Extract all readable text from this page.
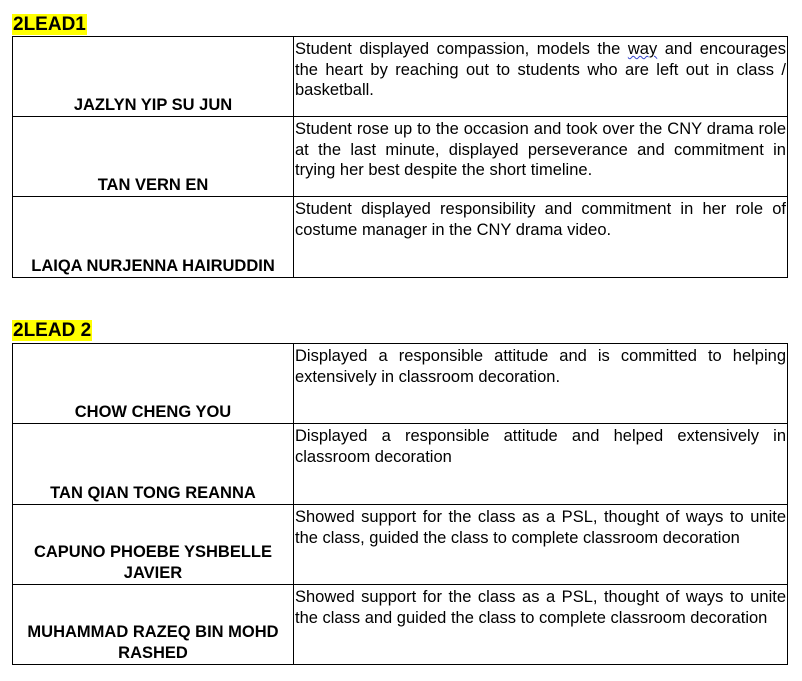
2LEAD1
JAZLYN YIP SU JUN	Student displayed compassion, models the way and encourages the heart by reaching out to students who are left out in class / basketball.
TAN VERN EN	Student rose up to the occasion and took over the CNY drama role at the last minute, displayed perseverance and commitment in trying her best despite the short timeline.
LAIQA NURJENNA HAIRUDDIN	Student displayed responsibility and commitment in her role of costume manager in the CNY drama video.
2LEAD 2
CHOW CHENG YOU	Displayed a responsible attitude and is committed to helping extensively in classroom decoration.
TAN QIAN TONG REANNA	Displayed a responsible attitude and helped extensively in classroom decoration
CAPUNO PHOEBE YSHBELLE JAVIER	Showed support for the class as a PSL, thought of ways to unite the class, guided the class to complete classroom decoration
MUHAMMAD RAZEQ BIN MOHD RASHED	Showed support for the class as a PSL, thought of ways to unite the class and guided the class to complete classroom decoration
